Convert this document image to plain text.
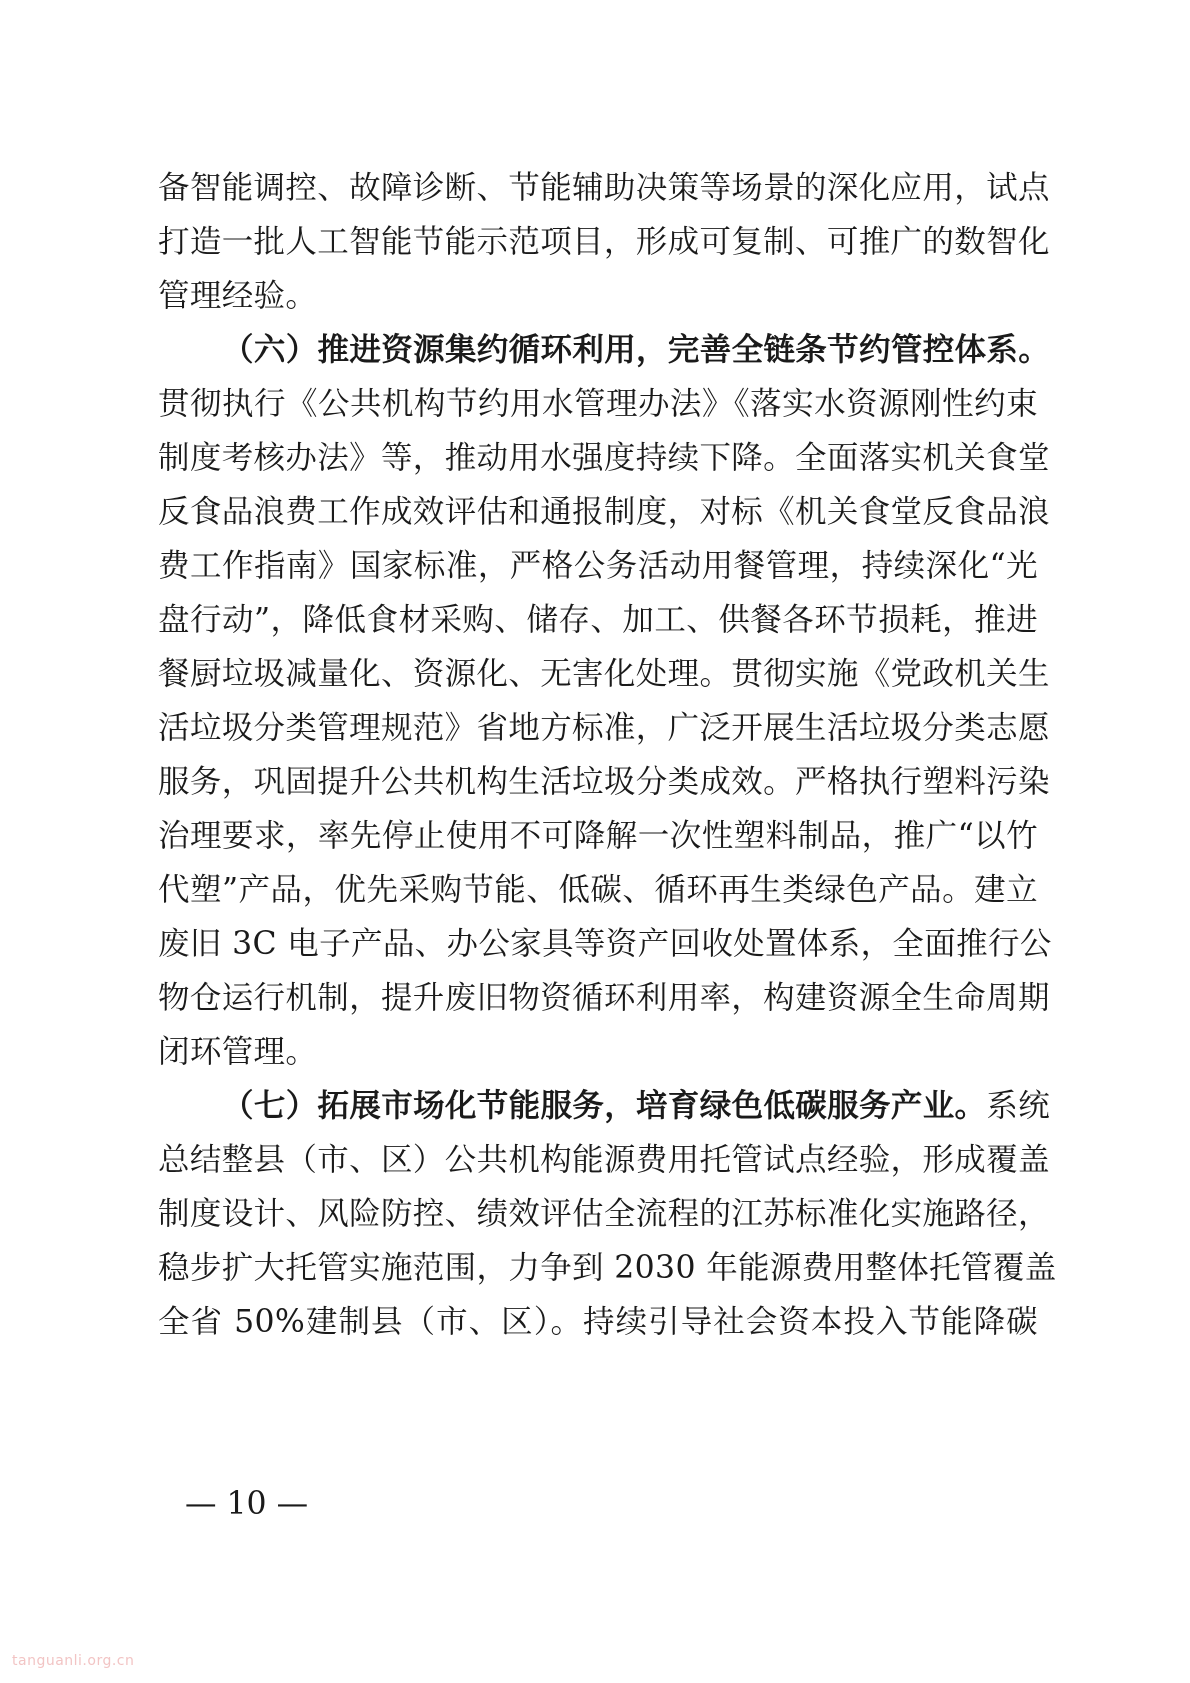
备智能调控、故障诊断、节能辅助决策等场景的深化应用，试点
打造一批人工智能节能示范项目，形成可复制、可推广的数智化
管理经验。
（六）推进资源集约循环利用，完善全链条节约管控体系。
贯彻执行《公共机构节约用水管理办法》《落实水资源刚性约束
制度考核办法》等，推动用水强度持续下降。全面落实机关食堂
反食品浪费工作成效评估和通报制度，对标《机关食堂反食品浪
费工作指南》国家标准，严格公务活动用餐管理，持续深化“光
盘行动”，降低食材采购、储存、加工、供餐各环节损耗，推进
餐厨垃圾减量化、资源化、无害化处理。贯彻实施《党政机关生
活垃圾分类管理规范》省地方标准，广泛开展生活垃圾分类志愿
服务，巩固提升公共机构生活垃圾分类成效。严格执行塑料污染
治理要求，率先停止使用不可降解一次性塑料制品，推广“以竹
代塑”产品，优先采购节能、低碳、循环再生类绿色产品。建立
废旧 3C 电子产品、办公家具等资产回收处置体系，全面推行公
物仓运行机制，提升废旧物资循环利用率，构建资源全生命周期
闭环管理。
（七）拓展市场化节能服务，培育绿色低碳服务产业。 系统
总结整县（市、区）公共机构能源费用托管试点经验，形成覆盖
制度设计、风险防控、绩效评估全流程的江苏标准化实施路径，
稳步扩大托管实施范围，力争到 2030 年能源费用整体托管覆盖
全省 50%建制县（市、区）。持续引导社会资本投入节能降碳
— 10 —
tanguanli.org.cn
